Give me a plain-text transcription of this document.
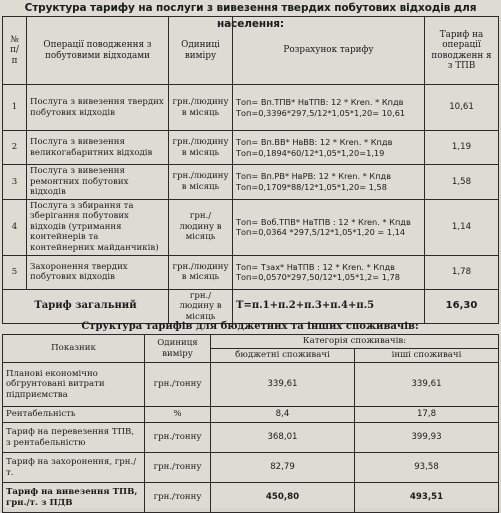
Структура тарифу на послуги з вивезення твердих побутових відходів для населення:
№ п/ п	Операції поводження з побутовими відходами	Одиниці виміру	Розрахунок тарифу	Тариф на операції поводженн я з ТПВ
1	Послуга з вивезення твердих побутових відходів	грн./людину в місяць	Топ= Вп.ТПВ* НвТПВ: 12 * Кren. * Кпдв Топ=0,3396*297,5/12*1,05*1,20= 10,61	10,61
2	Послуга з вивезення великогабаритних відходів	грн./людину в місяць	Топ= Вп.ВВ* НвВВ: 12 * Кren. * Кпдв Топ=0,1894*60/12*1,05*1,20=1,19	1,19
3	Послуга з вивезення ремонтних побутових відходів	грн./людину в місяць	Топ= Вп.РВ* НвРВ: 12 * Кren. * Кпдв Топ=0,1709*88/12*1,05*1,20= 1,58	1,58
4	Послуга з збирання та зберігання побутових відходів (утримання контейнерів та контейнерних майданчиків)	грн./ людину в місяць	Топ= Воб.ТПВ* НвТПВ : 12 * Кren. * Кпдв Топ=0,0364 *297,5/12*1,05*1,20 = 1,14	1,14
5	Захоронення твердих побутових відходів	грн./людину в місяць	Топ= Тзах* НвТПВ : 12 * Кren. * Кпдв Топ=0,0570*297,50/12*1,05*1,2= 1,78	1,78
Тариф загальний		грн./ людину в місяць	Т=п.1+п.2+п.3+п.4+п.5	16,30
Структура тарифів для бюджетних та інших споживачів:
Показник	Одиниця виміру	Категорія споживачів:	
		бюджетні споживачі	інші споживачі
Планові економічно обгрунтовані витрати підприємства	грн./тонну	339,61	339,61
Рентабельність	%	8,4	17,8
Тариф на перевезення ТПВ, з рентабельністю	грн./тонну	368,01	399,93
Тариф на захоронення, грн./т.	грн./тонну	82,79	93,58
Тариф на вивезення ТПВ, грн./т. з ПДВ	грн./тонну	450,80	493,51
